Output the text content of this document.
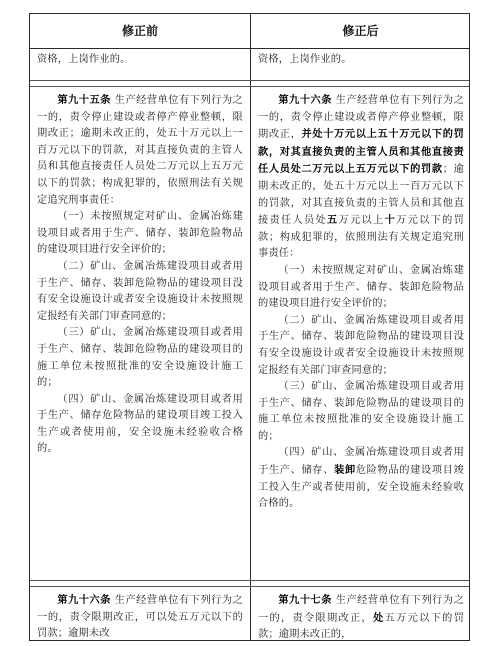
修正前	修正后

资格，上岗作业的。	资格，上岗作业的。

第九十五条 生产经营单位有下列行为之一的，责令停止建设或者停产停业整顿，限期改正；逾期未改正的，处五十万元以上一百万元以下的罚款，对其直接负责的主管人员和其他直接责任人员处二万元以上五万元以下的罚款；构成犯罪的，依照刑法有关规定追究刑事责任：

（一）未按照规定对矿山、金属冶炼建设项目或者用于生产、储存、装卸危险物品的建设项目进行安全评价的；

（二）矿山、金属冶炼建设项目或者用于生产、储存、装卸危险物品的建设项目没有安全设施设计或者安全设施设计未按照规定报经有关部门审查同意的；

（三）矿山、金属冶炼建设项目或者用于生产、储存、装卸危险物品的建设项目的施工单位未按照批准的安全设施设计施工的；

（四）矿山、金属冶炼建设项目或者用于生产、储存危险物品的建设项目竣工投入生产或者使用前，安全设施未经验收合格的。

第九十六条 生产经营单位有下列行为之一的，责令停止建设或者停产停业整顿，限期改正，并处十万元以上五十万元以下的罚款，对其直接负责的主管人员和其他直接责任人员处二万元以上五万元以下的罚款；逾期未改正的，处五十万元以上一百万元以下的罚款，对其直接负责的主管人员和其他直接责任人员处五万元以上十万元以下的罚款；构成犯罪的，依照刑法有关规定追究刑事责任：

（一）未按照规定对矿山、金属冶炼建设项目或者用于生产、储存、装卸危险物品的建设项目进行安全评价的；

（二）矿山、金属冶炼建设项目或者用于生产、储存、装卸危险物品的建设项目没有安全设施设计或者安全设施设计未按照规定报经有关部门审查同意的；

（三）矿山、金属冶炼建设项目或者用于生产、储存、装卸危险物品的建设项目的施工单位未按照批准的安全设施设计施工的；

（四）矿山、金属冶炼建设项目或者用于生产、储存、装卸危险物品的建设项目竣工投入生产或者使用前，安全设施未经验收合格的。

第九十六条 生产经营单位有下列行为之一的，责令限期改正，可以处五万元以下的罚款；逾期未改

第九十七条 生产经营单位有下列行为之一的，责令限期改正，处五万元以下的罚款；逾期未改正的，
